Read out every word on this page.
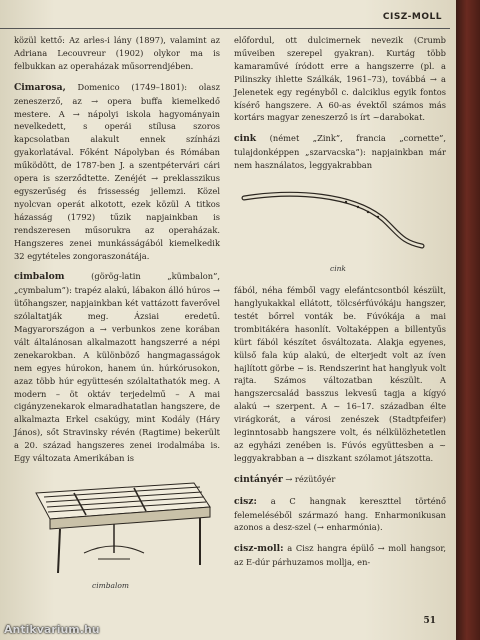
CISZ-MOLL

közül kettő: Az arles-i lány (1897), valamint az Adriana Lecouvreur (1902) olykor ma is felbukkan az operaházak műsorrendjében.

Cimarosa, Domenico (1749–1801): olasz zeneszerző, az → opera buffa kiemelkedő mestere. A → nápolyi iskola hagyományain nevelkedett, s operái stílusa szoros kapcsolatban alakult ennek színházi gyakorlatával. Főként Nápolyban és Rómában működött, de 1787-ben J. a szentpétervári cári opera is szerződtette. Zenéjét → preklasszikus egyszerűség és frissesség jellemzi. Közel nyolcvan operát alkotott, ezek közül A titkos házasság (1792) tűzik napjainkban is rendszeresen műsorukra az operaházak. Hangszeres zenei munkásságából kiemelkedik 32 egytételes zongoraszonátája.

cimbalom	(görög-latin „kümbalon”, „cymbalum”): trapéz alakú, lábakon álló húros → ütőhangszer, napjainkban két vattázott faverővel szólaltatják meg. Ázsiai eredetű. Magyarországon a → verbunkos zene korában vált általánosan alkalmazott hangszerré a népi zenekarokban. A különböző hangmagasságok nem egyes húrokon, hanem ún. húrkórusokon, azaz több húr együttesén szólaltathatók meg. A modern – öt oktáv terjedelmű – A mai cigányzenekarok elmaradhatatlan hangszere, de alkalmazta Erkel csakúgy, mint Kodály (Háry János), sőt Stravinsky révén (Ragtime) bekerült a 20. század hangszeres zenei irodalmába is. Egy változata Amerikában is

cimbalom

előfordul, ott dulcimernek nevezik (Crumb műveiben szerepel gyakran). Kurtág több kamaraművé íródott erre a hangszerre (pl. a Pilinszky ihlette Szálkák, 1961–73), továbbá → a Jelenetek egy regényből c. dalciklus egyik fontos kísérő hangszere. A 60-as évektől számos más kortárs magyar zeneszerző is írt ~darabokat.

cink (német „Zink”, francia „cornette”, tulajdonképpen „szarvacska”): napjainkban már nem használatos, leggyakrabban

cink

fából, néha fémből vagy elefántcsontból készült, hanglyukakkal ellátott, tölcsérfúvókáju hangszer, testét bőrrel vonták be. Fúvókája a mai trombitákéra hasonlít. Voltaképpen a billentyűs kürt fából készítet ősváltozata. Alakja egyenes, külső fala kúp alakú, de elterjedt volt az íven hajlított görbe ~ is. Rendszerint hat hanglyuk volt rajta. Számos változatban készült. A hangszercsalád basszus lekvesű tagja a kígyó alakú → szerpent. A ~ 16–17. században élte virágkorát, a városi zenészek (Stadtpfeifer) leginntosabb hangszere volt, és nélkülözhetetlen az egyházi zenében is. Fúvós együttesben a ~ leggyakrabban a → diszkant szólamot játszotta.

cintányér → rézütőyér

cisz: a C hangnak kereszttel történő felemeléséből származó hang. Enharmonikusan azonos a desz-szel (→ enharmónia).

cisz-moll: a Cisz hangra épülő → moll hangsor, az E-dúr párhuzamos mollja, en-

51
Antikvarium.hu
